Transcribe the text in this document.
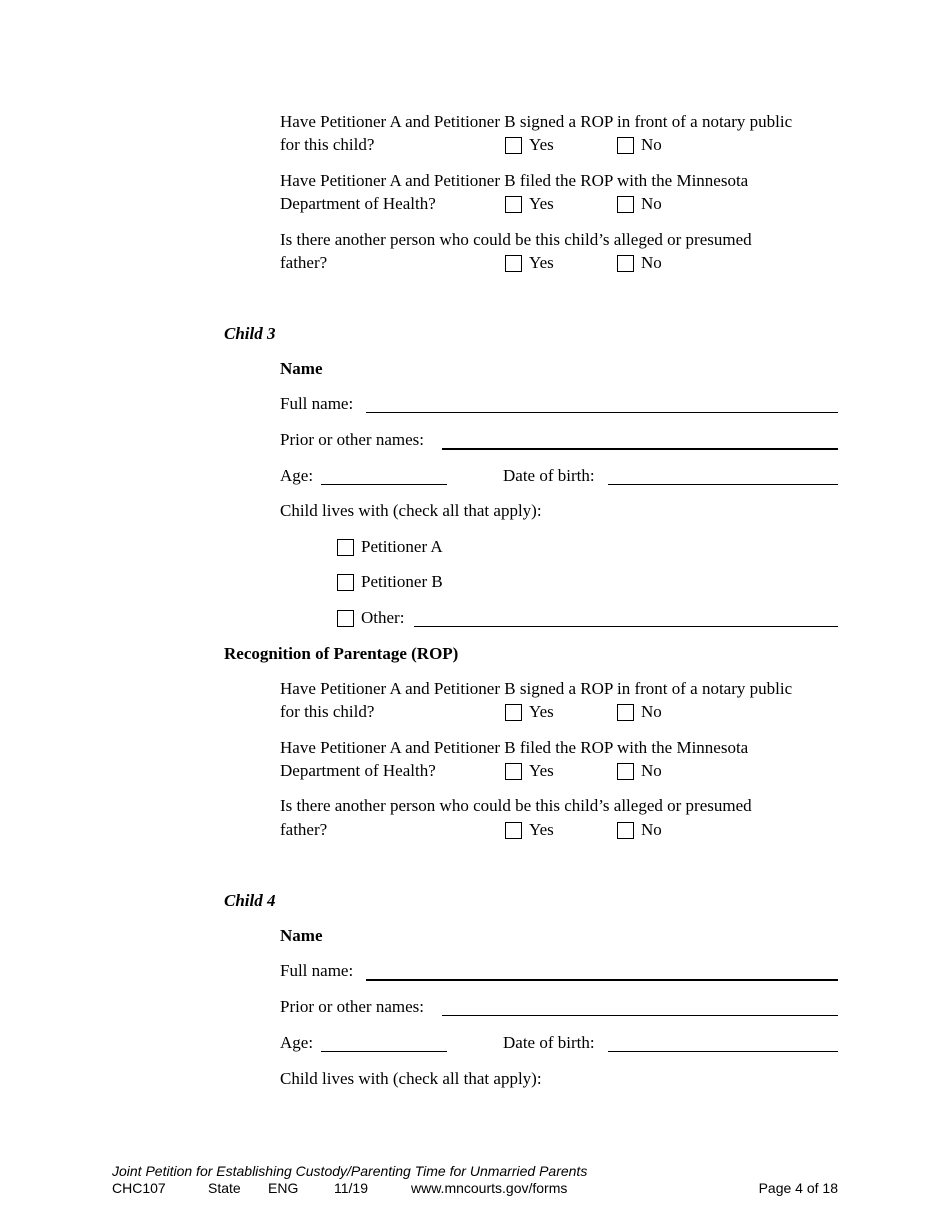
Have Petitioner A and Petitioner B signed a ROP in front of a notary public
for this child?	Yes	No
Have Petitioner A and Petitioner B filed the ROP with the Minnesota
Department of Health?	Yes	No
Is there another person who could be this child’s alleged or presumed
father?	Yes	No
Child 3
Name
Full name:
Prior or other names:
Age:	Date of birth:
Child lives with (check all that apply):
Petitioner A
Petitioner B
Other:
Recognition of Parentage (ROP)
Have Petitioner A and Petitioner B signed a ROP in front of a notary public
for this child?	Yes	No
Have Petitioner A and Petitioner B filed the ROP with the Minnesota
Department of Health?	Yes	No
Is there another person who could be this child’s alleged or presumed
father?	Yes	No
Child 4
Name
Full name:
Prior or other names:
Age:	Date of birth:
Child lives with (check all that apply):
Joint Petition for Establishing Custody/Parenting Time for Unmarried Parents
CHC107	State ENG	11/19	www.mncourts.gov/forms	Page 4 of 18
